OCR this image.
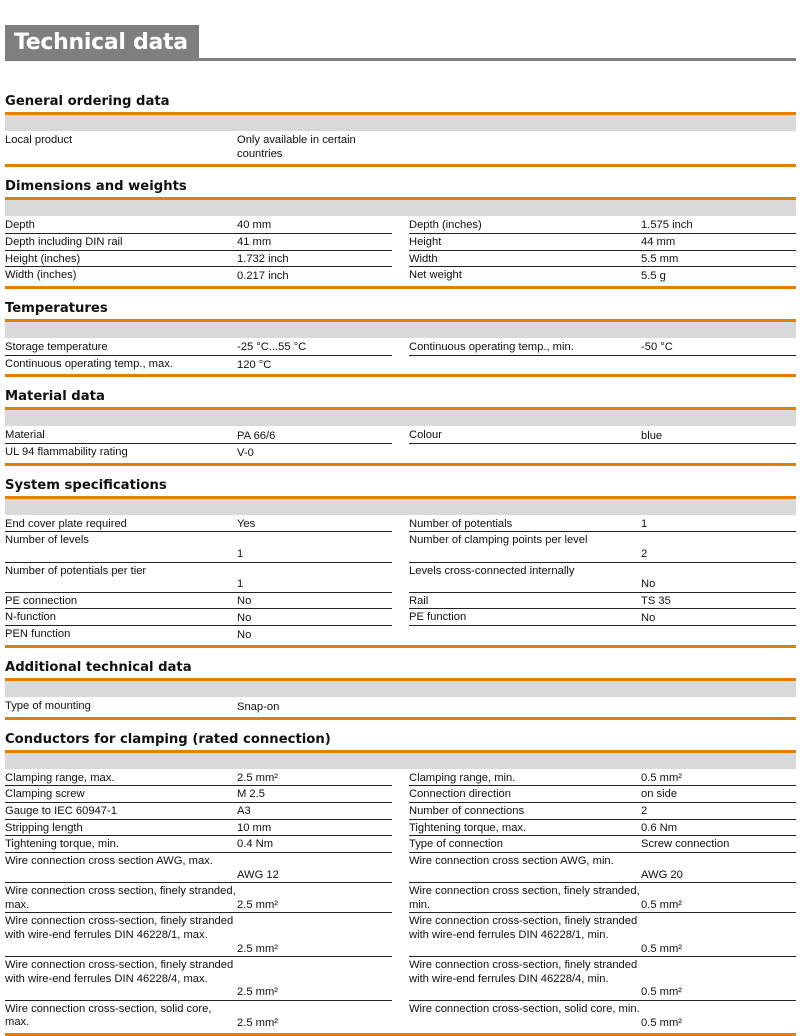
Technical data
General ordering data
Local product	Only available in certain countries
Dimensions and weights
Depth	40 mm
Depth including DIN rail	41 mm
Height (inches)	1.732 inch
Width (inches)	0.217 inch
Depth (inches)	1.575 inch
Height	44 mm
Width	5.5 mm
Net weight	5.5 g
Temperatures
Storage temperature	-25 °C...55 °C
Continuous operating temp., max.	120 °C
Continuous operating temp., min.	-50 °C
Material data
Material	PA 66/6
UL 94 flammability rating	V-0
Colour	blue
System specifications
End cover plate required	Yes
Number of levels
1
Number of potentials per tier
1
PE connection	No
N-function	No
PEN function	No
Number of potentials	1
Number of clamping points per level
2
Levels cross-connected internally
No
Rail	TS 35
PE function	No
Additional technical data
Type of mounting	Snap-on
Conductors for clamping (rated connection)
Clamping range, max.	2.5 mm²
Clamping screw	M 2.5
Gauge to IEC 60947-1	A3
Stripping length	10 mm
Tightening torque, min.	0.4 Nm
Wire connection cross section AWG, max.
AWG 12
Wire connection cross section, finely stranded, max.	2.5 mm²
Wire connection cross-section, finely stranded with wire-end ferrules DIN 46228/1, max.
2.5 mm²
Wire connection cross-section, finely stranded with wire-end ferrules DIN 46228/4, max.
2.5 mm²
Wire connection cross-section, solid core, max.	2.5 mm²
Clamping range, min.	0.5 mm²
Connection direction	on side
Number of connections	2
Tightening torque, max.	0.6 Nm
Type of connection	Screw connection
Wire connection cross section AWG, min.
AWG 20
Wire connection cross section, finely stranded, min.	0.5 mm²
Wire connection cross-section, finely stranded with wire-end ferrules DIN 46228/1, min.
0.5 mm²
Wire connection cross-section, finely stranded with wire-end ferrules DIN 46228/4, min.
0.5 mm²
Wire connection cross-section, solid core, min.
0.5 mm²
